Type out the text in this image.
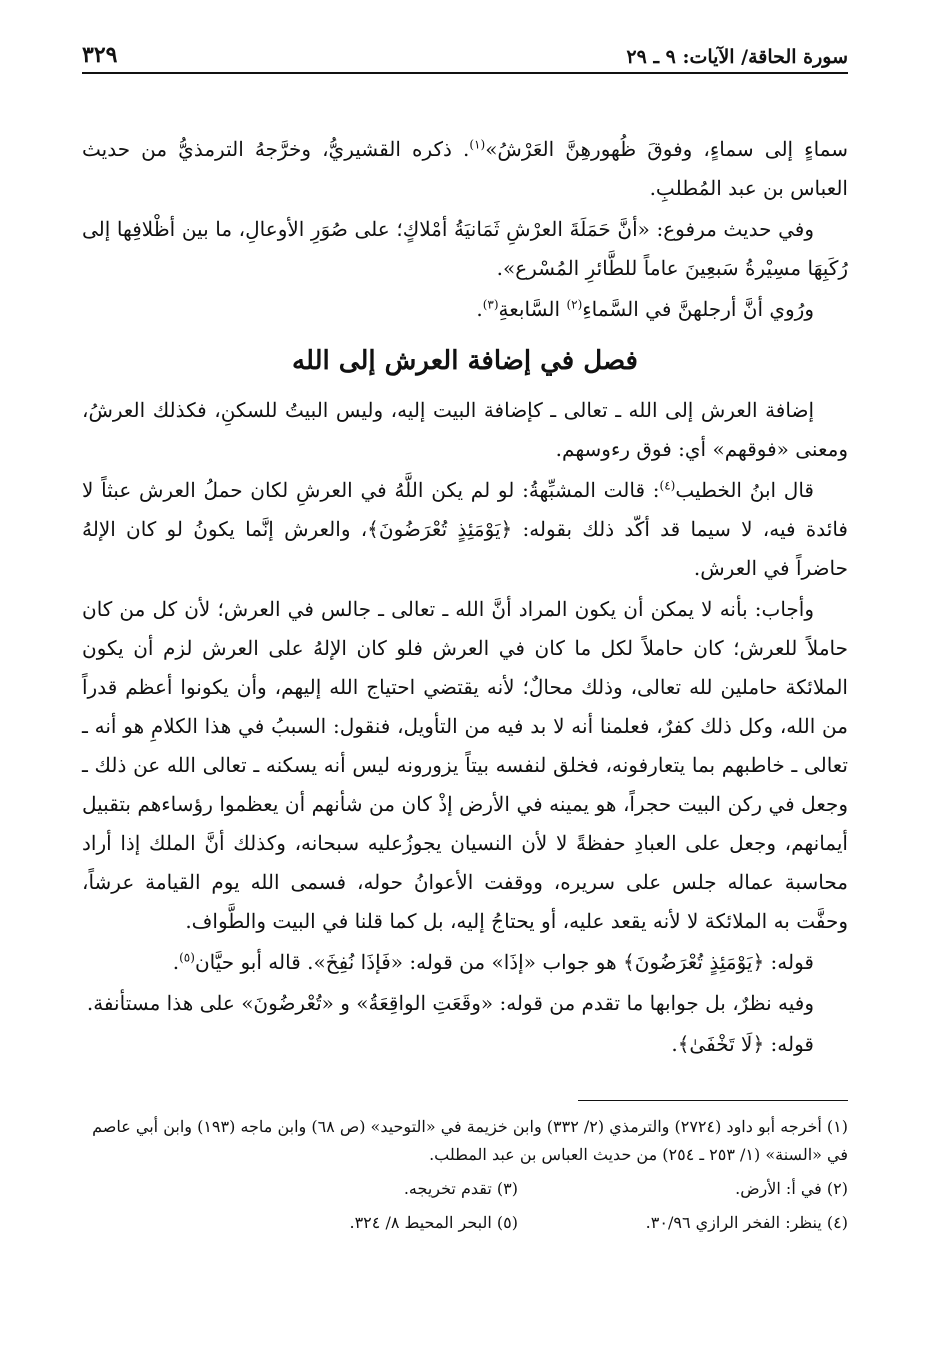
سورة الحاقة/ الآيات: ٩ ـ ٢٩
٣٢٩

سماءٍ إلى سماءٍ، وفوقَ ظُهورهِنَّ العَرْشُ»$^{(١)}$. ذكره القشيريُّ، وخرَّجهُ الترمذيُّ من حديث العباس بن عبد المُطلبِ.

وفي حديث مرفوع: «أنَّ حَمَلَةَ العرْشِ ثَمَانيَةُ أمْلاكٍ؛ على صُوَرِ الأوعالِ، ما بين أظْلافِها إلى رُكَبِهَا مسِيْرةُ سَبعِينَ عاماً للطَّائرِ المُسْرع».

ورُوي أنَّ أرجلهنَّ في السَّماءِ$^{(٢)}$ السَّابعةِ$^{(٣)}$.

فصل في إضافة العرش إلى الله

إضافة العرش إلى الله ـ تعالى ـ كإضافة البيت إليه، وليس البيتُ للسكنِ، فكذلك العرشُ، ومعنى «فوقهم» أي: فوق رءوسهم.

قال ابنُ الخطيب$^{(٤)}$: قالت المشبِّهةُ: لو لم يكن اللَّهُ في العرشِ لكان حملُ العرش عبثاً لا فائدة فيه، لا سيما قد أكّد ذلك بقوله: ﴿يَوْمَئِذٍ تُعْرَضُونَ﴾، والعرش إنَّما يكونُ لو كان الإلهُ حاضراً في العرش.

وأجاب: بأنه لا يمكن أن يكون المراد أنَّ الله ـ تعالى ـ جالس في العرش؛ لأن كل من كان حاملاً للعرش؛ كان حاملاً لكل ما كان في العرش فلو كان الإلهُ على العرش لزم أن يكون الملائكة حاملين لله تعالى، وذلك محالٌ؛ لأنه يقتضي احتياج الله إليهم، وأن يكونوا أعظم قدراً من الله، وكل ذلك كفرٌ، فعلمنا أنه لا بد فيه من التأويل، فنقول: السببُ في هذا الكلامِ هو أنه ـ تعالى ـ خاطبهم بما يتعارفونه، فخلق لنفسه بيتاً يزورونه ليس أنه يسكنه ـ تعالى الله عن ذلك ـ وجعل في ركن البيت حجراً، هو يمينه في الأرض إذْ كان من شأنهم أن يعظموا رؤساءهم بتقبيل أيمانهم، وجعل على العبادِ حفظةً لا لأن النسيان يجوزُعليه سبحانه، وكذلك أنَّ الملك إذا أراد محاسبة عماله جلس على سريره، ووقفت الأعوانُ حوله، فسمى الله يوم القيامة عرشاً، وحفَّت به الملائكة لا لأنه يقعد عليه، أو يحتاجُ إليه، بل كما قلنا في البيت والطَّواف.

قوله: ﴿يَوْمَئِذٍ تُعْرَضُونَ﴾ هو جواب «إذَا» من قوله: «فَإذَا نُفِخَ». قاله أبو حيَّان$^{(٥)}$.

وفيه نظرٌ، بل جوابها ما تقدم من قوله: «وقَعَتِ الواقِعَةُ» و «تُعْرضُونَ» على هذا مستأنفة.

قوله: ﴿لَا تَخْفَىٰ﴾.

(١) أخرجه أبو داود (٢٧٢٤) والترمذي (٢/ ٣٣٢) وابن خزيمة في «التوحيد» (ص ٦٨) وابن ماجه (١٩٣) وابن أبي عاصم في «السنة» (١/ ٢٥٣ ـ ٢٥٤) من حديث العباس بن عبد المطلب.
(٢) في أ: الأرض.
(٣) تقدم تخريجه.
(٤) ينظر: الفخر الرازي ٣٠/٩٦.
(٥) البحر المحيط ٨/ ٣٢٤.
